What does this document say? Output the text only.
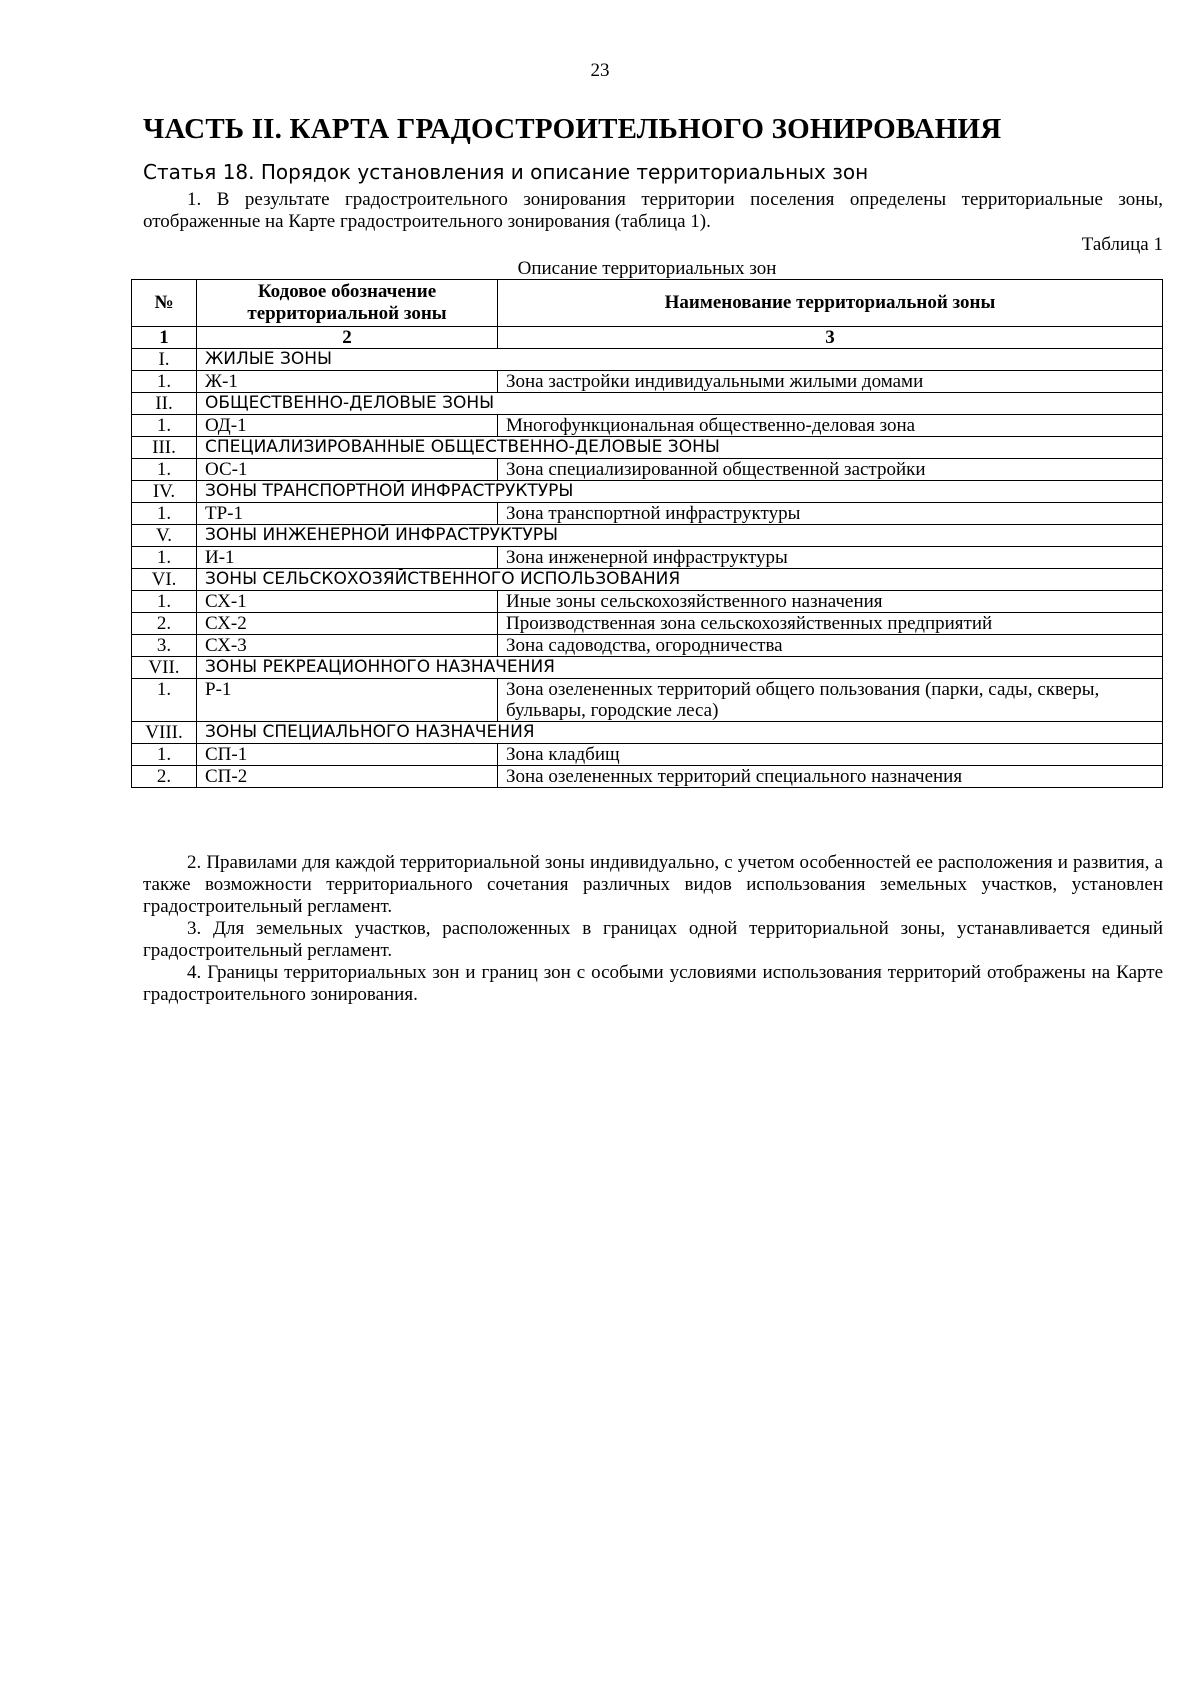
23
ЧАСТЬ II. КАРТА ГРАДОСТРОИТЕЛЬНОГО ЗОНИРОВАНИЯ
Статья 18. Порядок установления и описание территориальных зон
1. В результате градостроительного зонирования территории поселения определены территориальные зоны, отображенные на Карте градостроительного зонирования (таблица 1).
Таблица 1
Описание территориальных зон
№	Кодовое обозначение территориальной зоны	Наименование территориальной зоны
1	2	3
I.	ЖИЛЫЕ ЗОНЫ	
1.	Ж-1	Зона застройки индивидуальными жилыми домами
II.	ОБЩЕСТВЕННО-ДЕЛОВЫЕ ЗОНЫ	
1.	ОД-1	Многофункциональная общественно-деловая зона
III.	СПЕЦИАЛИЗИРОВАННЫЕ ОБЩЕСТВЕННО-ДЕЛОВЫЕ ЗОНЫ	
1.	ОС-1	Зона специализированной общественной застройки
IV.	ЗОНЫ ТРАНСПОРТНОЙ ИНФРАСТРУКТУРЫ	
1.	ТР-1	Зона транспортной инфраструктуры
V.	ЗОНЫ ИНЖЕНЕРНОЙ ИНФРАСТРУКТУРЫ	
1.	И-1	Зона инженерной инфраструктуры
VI.	ЗОНЫ СЕЛЬСКОХОЗЯЙСТВЕННОГО ИСПОЛЬЗОВАНИЯ	
1.	СХ-1	Иные зоны сельскохозяйственного назначения
2.	СХ-2	Производственная зона сельскохозяйственных предприятий
3.	СХ-3	Зона садоводства, огородничества
VII.	ЗОНЫ РЕКРЕАЦИОННОГО НАЗНАЧЕНИЯ	
1.	Р-1	Зона озелененных территорий общего пользования (парки, сады, скверы, бульвары, городские леса)
VIII.	ЗОНЫ СПЕЦИАЛЬНОГО НАЗНАЧЕНИЯ	
1.	СП-1	Зона кладбищ
2.	СП-2	Зона озелененных территорий специального назначения
2. Правилами для каждой территориальной зоны индивидуально, с учетом особенностей ее расположения и развития, а также возможности территориального сочетания различных видов использования земельных участков, установлен градостроительный регламент.
3. Для земельных участков, расположенных в границах одной территориальной зоны, устанавливается единый градостроительный регламент.
4. Границы территориальных зон и границ зон с особыми условиями использования территорий отображены на Карте градостроительного зонирования.
